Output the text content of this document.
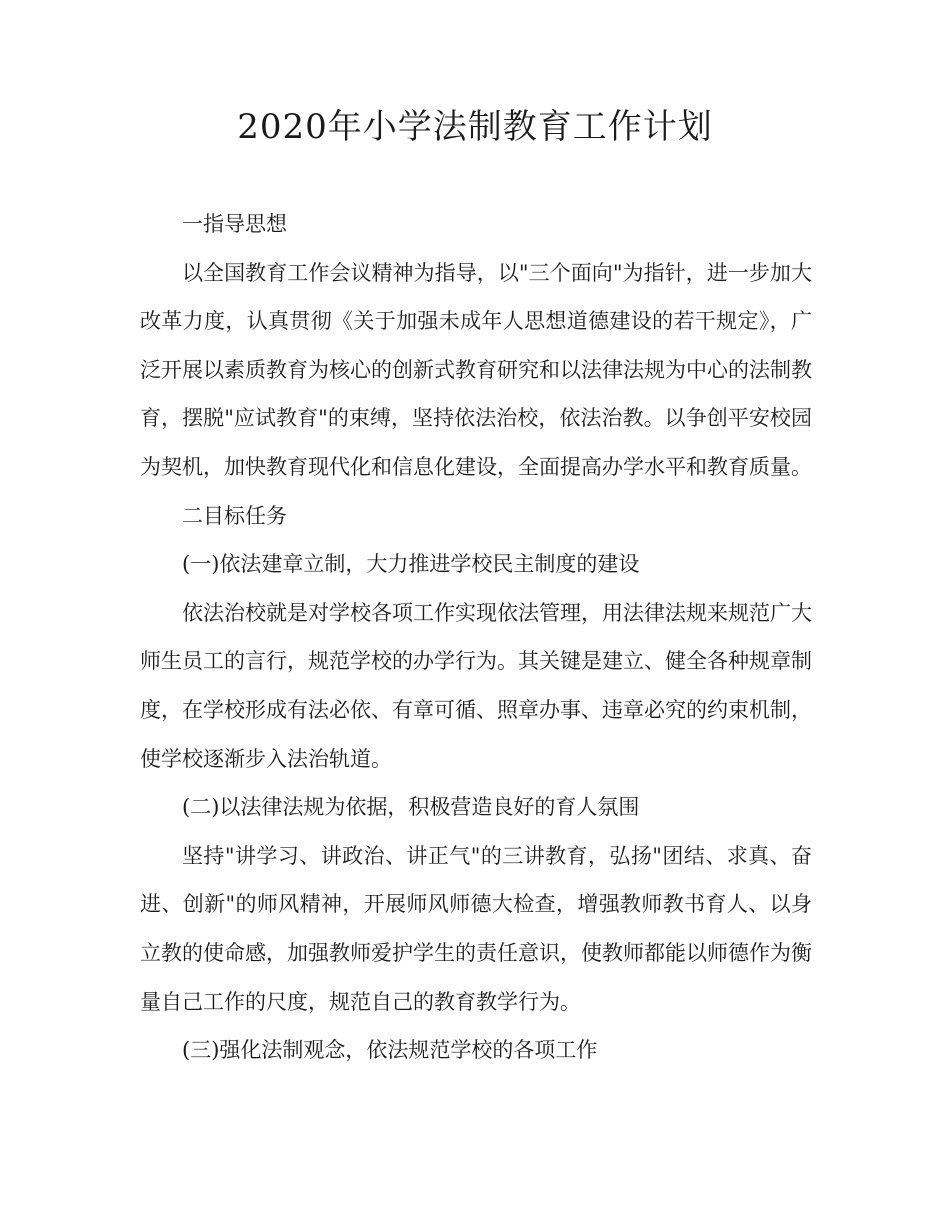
2020年小学法制教育工作计划

一指导思想

以全国教育工作会议精神为指导，以"三个面向"为指针，进一步加大改革力度，认真贯彻《关于加强未成年人思想道德建设的若干规定》，广泛开展以素质教育为核心的创新式教育研究和以法律法规为中心的法制教育，摆脱"应试教育"的束缚，坚持依法治校，依法治教。以争创平安校园为契机，加快教育现代化和信息化建设，全面提高办学水平和教育质量。

二目标任务

(一)依法建章立制，大力推进学校民主制度的建设

依法治校就是对学校各项工作实现依法管理，用法律法规来规范广大师生员工的言行，规范学校的办学行为。其关键是建立、健全各种规章制度，在学校形成有法必依、有章可循、照章办事、违章必究的约束机制，使学校逐渐步入法治轨道。

(二)以法律法规为依据，积极营造良好的育人氛围

坚持"讲学习、讲政治、讲正气"的三讲教育，弘扬"团结、求真、奋进、创新"的师风精神，开展师风师德大检查，增强教师教书育人、以身立教的使命感，加强教师爱护学生的责任意识，使教师都能以师德作为衡量自己工作的尺度，规范自己的教育教学行为。

(三)强化法制观念，依法规范学校的各项工作
